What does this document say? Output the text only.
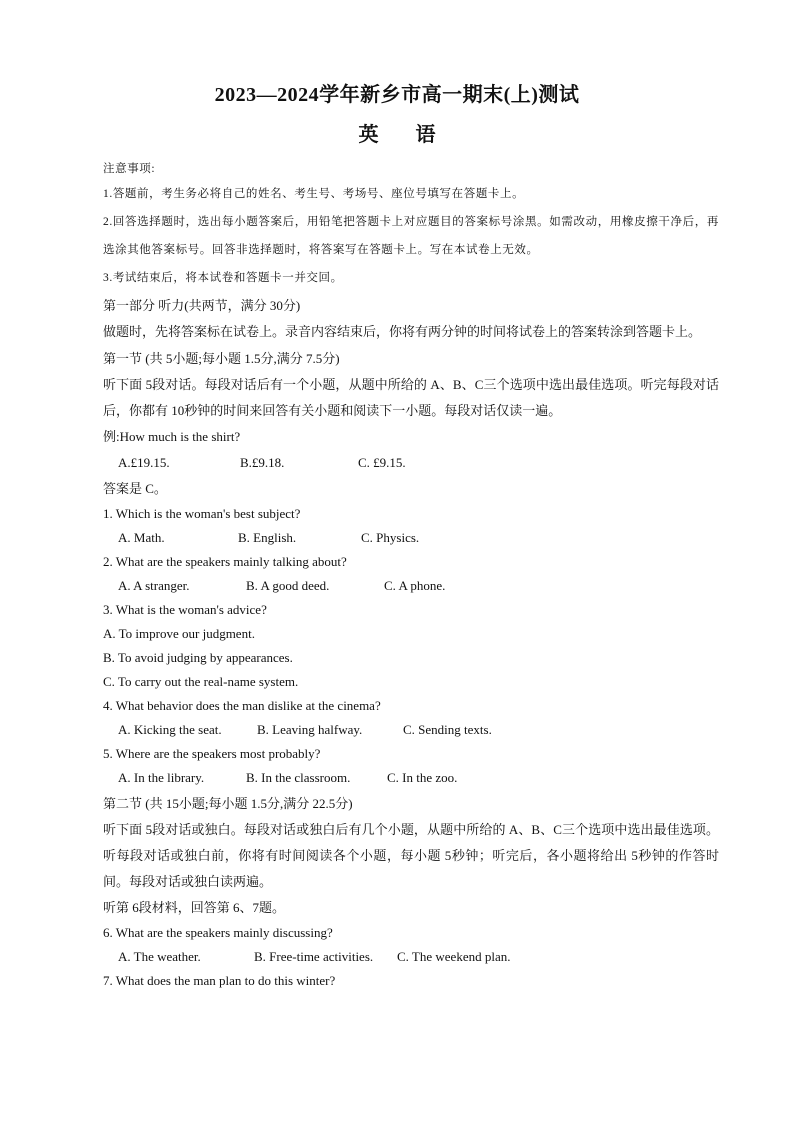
2023—2024学年新乡市高一期末(上)测试
英 语
注意事项:
1.答题前，考生务必将自己的姓名、考生号、考场号、座位号填写在答题卡上。
2.回答选择题时，选出每小题答案后，用铅笔把答题卡上对应题目的答案标号涂黑。如需改动，用橡皮擦干净后，再选涂其他答案标号。回答非选择题时，将答案写在答题卡上。写在本试卷上无效。
3.考试结束后，将本试卷和答题卡一并交回。
第一部分 听力(共两节，满分 30分)
做题时，先将答案标在试卷上。录音内容结束后，你将有两分钟的时间将试卷上的答案转涂到答题卡上。
第一节 (共 5小题;每小题 1.5分,满分 7.5分)
听下面 5段对话。每段对话后有一个小题，从题中所给的 A、B、C三个选项中选出最佳选项。听完每段对话后，你都有 10秒钟的时间来回答有关小题和阅读下一小题。每段对话仅读一遍。
例:How much is the shirt?
A.£19.15.	B.£9.18.	C. £9.15.
答案是 C。
1. Which is the woman's best subject?
A. Math.	B. English.	C. Physics.
2. What are the speakers mainly talking about?
A. A stranger.	B. A good deed.	C. A phone.
3. What is the woman's advice?
A. To improve our judgment.
B. To avoid judging by appearances.
C. To carry out the real-name system.
4. What behavior does the man dislike at the cinema?
A. Kicking the seat.	B. Leaving halfway.	C. Sending texts.
5. Where are the speakers most probably?
A. In the library.	B. In the classroom.	C. In the zoo.
第二节 (共 15小题;每小题 1.5分,满分 22.5分)
听下面 5段对话或独白。每段对话或独白后有几个小题，从题中所给的 A、B、C三个选项中选出最佳选项。听每段对话或独白前，你将有时间阅读各个小题，每小题 5秒钟；听完后，各小题将给出 5秒钟的作答时间。每段对话或独白读两遍。
听第 6段材料，回答第 6、7题。
6. What are the speakers mainly discussing?
A. The weather.	B. Free-time activities.	C. The weekend plan.
7. What does the man plan to do this winter?
